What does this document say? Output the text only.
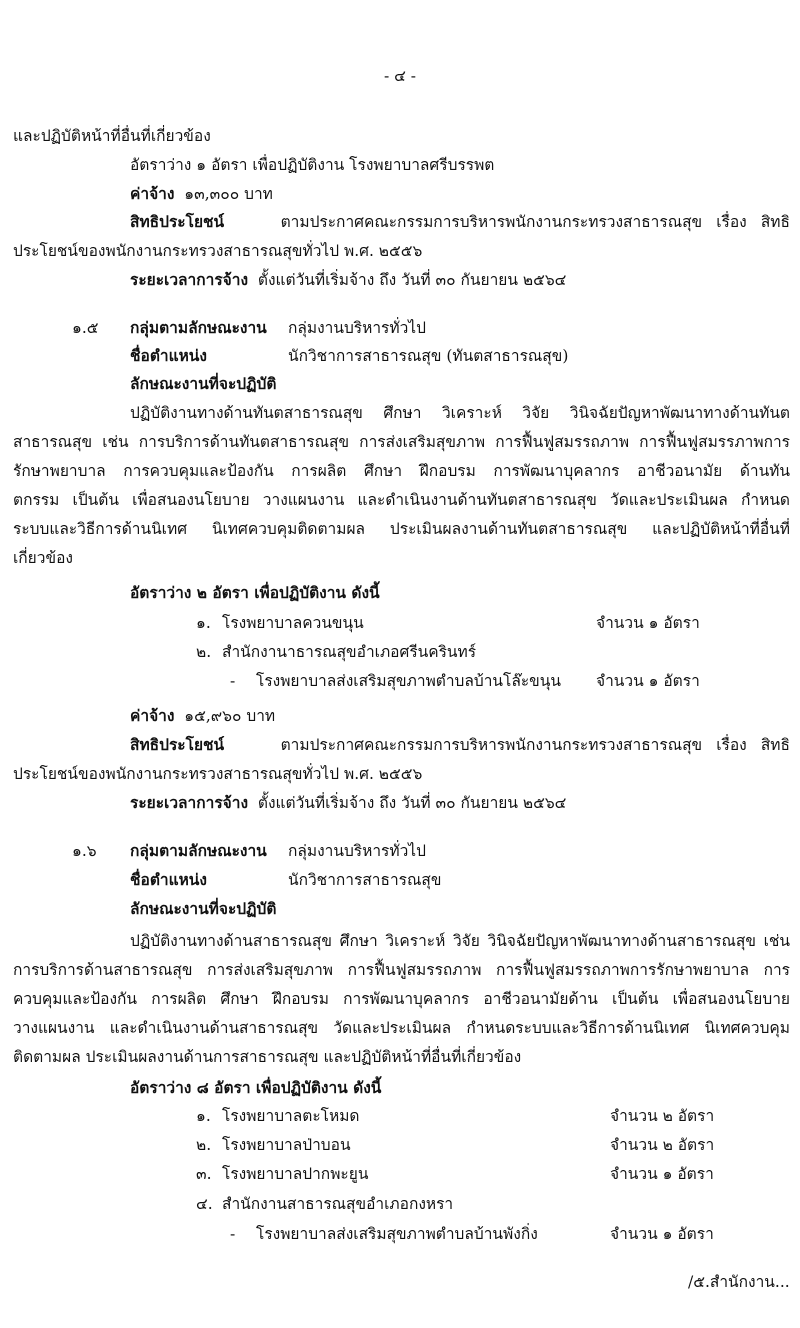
- ๔ -
และปฏิบัติหน้าที่อื่นที่เกี่ยวข้อง
อัตราว่าง ๑ อัตรา เพื่อปฏิบัติงาน โรงพยาบาลศรีบรรพต
ค่าจ้าง ๑๓,๓๐๐ บาท
สิทธิประโยชน์	ตามประกาศคณะกรรมการบริหารพนักงานกระทรวงสาธารณสุข เรื่อง สิทธิ
ประโยชน์ของพนักงานกระทรวงสาธารณสุขทั่วไป พ.ศ. ๒๕๕๖
ระยะเวลาการจ้าง ตั้งแต่วันที่เริ่มจ้าง ถึง วันที่ ๓๐ กันยายน ๒๕๖๔
๑.๕ กลุ่มตามลักษณะงาน กลุ่มงานบริหารทั่วไป
ชื่อตำแหน่ง	นักวิชาการสาธารณสุข (ทันตสาธารณสุข)
ลักษณะงานที่จะปฏิบัติ
ปฏิบัติงานทางด้านทันตสาธารณสุข ศึกษา วิเคราะห์ วิจัย วินิจฉัยปัญหาพัฒนาทางด้านทันต
สาธารณสุข เช่น การบริการด้านทันตสาธารณสุข การส่งเสริมสุขภาพ การฟื้นฟูสมรรถภาพ การฟื้นฟูสมรรภาพการ
รักษาพยาบาล การควบคุมและป้องกัน การผลิต ศึกษา ฝึกอบรม การพัฒนาบุคลากร อาชีวอนามัย ด้านทัน
ตกรรม เป็นต้น เพื่อสนองนโยบาย วางแผนงาน และดำเนินงานด้านทันตสาธารณสุข วัดและประเมินผล กำหนด
ระบบและวิธีการด้านนิเทศ นิเทศควบคุมติดตามผล ประเมินผลงานด้านทันตสาธารณสุข และปฏิบัติหน้าที่อื่นที่
เกี่ยวข้อง
อัตราว่าง ๒ อัตรา เพื่อปฏิบัติงาน ดังนี้
๑. โรงพยาบาลควนขนุน	จำนวน ๑ อัตรา
๒. สำนักงานาธารณสุขอำเภอศรีนครินทร์
- โรงพยาบาลส่งเสริมสุขภาพตำบลบ้านโล๊ะขนุน จำนวน ๑ อัตรา
ค่าจ้าง ๑๕,๙๖๐ บาท
สิทธิประโยชน์	ตามประกาศคณะกรรมการบริหารพนักงานกระทรวงสาธารณสุข เรื่อง สิทธิ
ประโยชน์ของพนักงานกระทรวงสาธารณสุขทั่วไป พ.ศ. ๒๕๕๖
ระยะเวลาการจ้าง ตั้งแต่วันที่เริ่มจ้าง ถึง วันที่ ๓๐ กันยายน ๒๕๖๔
๑.๖ กลุ่มตามลักษณะงาน กลุ่มงานบริหารทั่วไป
ชื่อตำแหน่ง	นักวิชาการสาธารณสุข
ลักษณะงานที่จะปฏิบัติ
ปฏิบัติงานทางด้านสาธารณสุข ศึกษา วิเคราะห์ วิจัย วินิจฉัยปัญหาพัฒนาทางด้านสาธารณสุข เช่น
การบริการด้านสาธารณสุข การส่งเสริมสุขภาพ การฟื้นฟูสมรรถภาพ การฟื้นฟูสมรรถภาพการรักษาพยาบาล การ
ควบคุมและป้องกัน การผลิต ศึกษา ฝึกอบรม การพัฒนาบุคลากร อาชีวอนามัยด้าน เป็นต้น เพื่อสนองนโยบาย
วางแผนงาน และดำเนินงานด้านสาธารณสุข วัดและประเมินผล กำหนดระบบและวิธีการด้านนิเทศ นิเทศควบคุม
ติดตามผล ประเมินผลงานด้านการสาธารณสุข และปฏิบัติหน้าที่อื่นที่เกี่ยวข้อง
อัตราว่าง ๘ อัตรา เพื่อปฏิบัติงาน ดังนี้
๑. โรงพยาบาลตะโหมด	จำนวน ๒ อัตรา
๒. โรงพยาบาลป่าบอน	จำนวน ๒ อัตรา
๓. โรงพยาบาลปากพะยูน	จำนวน ๑ อัตรา
๔. สำนักงานสาธารณสุขอำเภอกงหรา
- โรงพยาบาลส่งเสริมสุขภาพตำบลบ้านพังกิ่ง	จำนวน ๑ อัตรา
/๕.สำนักงาน...
